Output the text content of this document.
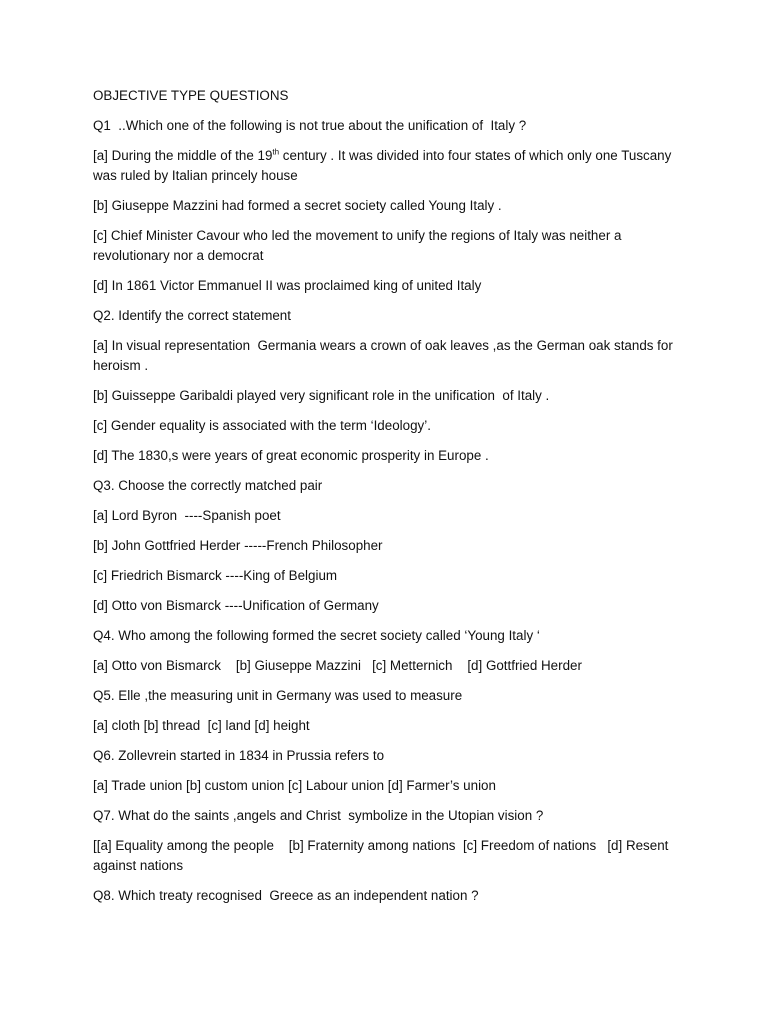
OBJECTIVE TYPE QUESTIONS

Q1  ..Which one of the following is not true about the unification of  Italy ?

[a] During the middle of the 19th century . It was divided into four states of which only one Tuscany was ruled by Italian princely house

[b] Giuseppe Mazzini had formed a secret society called Young Italy .

[c] Chief Minister Cavour who led the movement to unify the regions of Italy was neither a revolutionary nor a democrat

[d] In 1861 Victor Emmanuel II was proclaimed king of united Italy

Q2. Identify the correct statement

[a] In visual representation  Germania wears a crown of oak leaves ,as the German oak stands for heroism .

[b] Guisseppe Garibaldi played very significant role in the unification  of Italy .

[c] Gender equality is associated with the term ‘Ideology’.

[d] The 1830,s were years of great economic prosperity in Europe .

Q3. Choose the correctly matched pair

[a] Lord Byron  ----Spanish poet

[b] John Gottfried Herder -----French Philosopher

[c] Friedrich Bismarck ----King of Belgium

[d] Otto von Bismarck ----Unification of Germany

Q4. Who among the following formed the secret society called ‘Young Italy ‘

[a] Otto von Bismarck    [b] Giuseppe Mazzini   [c] Metternich    [d] Gottfried Herder

Q5. Elle ,the measuring unit in Germany was used to measure

[a] cloth [b] thread  [c] land [d] height

Q6. Zollevrein started in 1834 in Prussia refers to

[a] Trade union [b] custom union [c] Labour union [d] Farmer’s union

Q7. What do the saints ,angels and Christ  symbolize in the Utopian vision ?

[[a] Equality among the people    [b] Fraternity among nations  [c] Freedom of nations   [d] Resent against nations

Q8. Which treaty recognised  Greece as an independent nation ?
